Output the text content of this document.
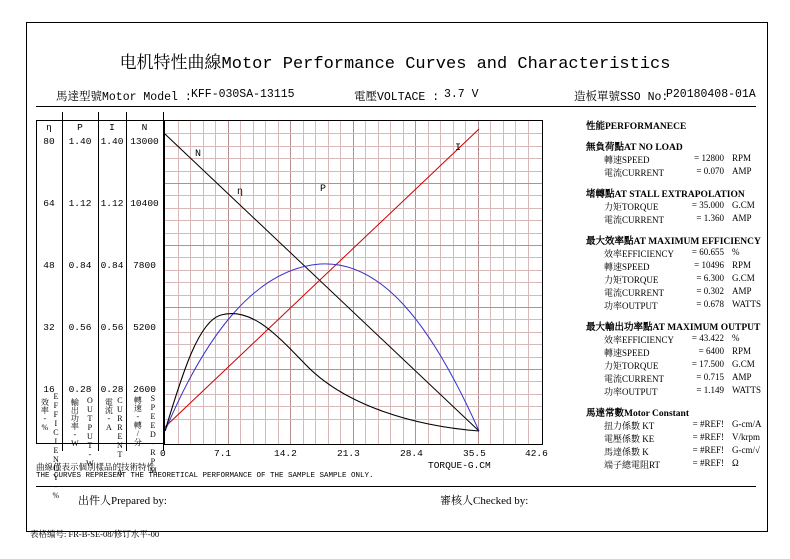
电机特性曲線Motor Performance Curves and Characteristics
馬達型號Motor Model : KFF-030SA-13115	電壓VOLTACE : 3.7 V	造板單號SSO No:
P20180408-01A
η	P	I	N
80	1.40 1.40 13000
64	1.12 1.12 10400
48	0.84 0.84	7800
32	0.56 0.56	5200
16	0.28 0.28	2600
效率-% EFFICIENCY-% 輸出功率-W OUTPUT-W 電流-A CURRENT-A 轉速-轉/分 SPEED-RPM
N
I
P
η
0	7.1	14.2	21.3	28.4	35.5	42.6
TORQUE-G.CM
曲線僅表示個別樣品的技術特性
THE CURVES REPRESENT THE THEORETICAL PERFORMANCE OF THE SAMPLE SAMPLE ONLY.
性能PERFORMANECE
無負荷點AT NO LOAD
轉速SPEED	= 12800 RPM
電流CURRENT	= 0.070 AMP
堵轉點AT STALL EXTRAPOLATION
力矩TORQUE	= 35.000 G.CM
電流CURRENT	= 1.360 AMP
最大效率點AT MAXIMUM EFFICIENCY
效率EFFICIENCY	= 60.655 %
轉速SPEED	= 10496 RPM
力矩TORQUE	= 6.300 G.CM
電流CURRENT	= 0.302 AMP
功率OUTPUT	= 0.678 WATTS
最大輸出功率點AT MAXIMUM OUTPUT
效率EFFICIENCY	= 43.422 %
轉速SPEED	= 6400 RPM
力矩TORQUE	= 17.500 G.CM
電流CURRENT	= 0.715 AMP
功率OUTPUT	= 1.149 WATTS
馬達常數Motor Constant
扭力係數 KT	= #REF! G-cm/A
電壓係數 KE	= #REF! V/krpm
馬達係數 K	= #REF! G-cm/√
端子總電阻RT	= #REF! Ω
出件人Prepared by:	審核人Checked by:
表格编号: FR-B-SE-08/修订水平-00
